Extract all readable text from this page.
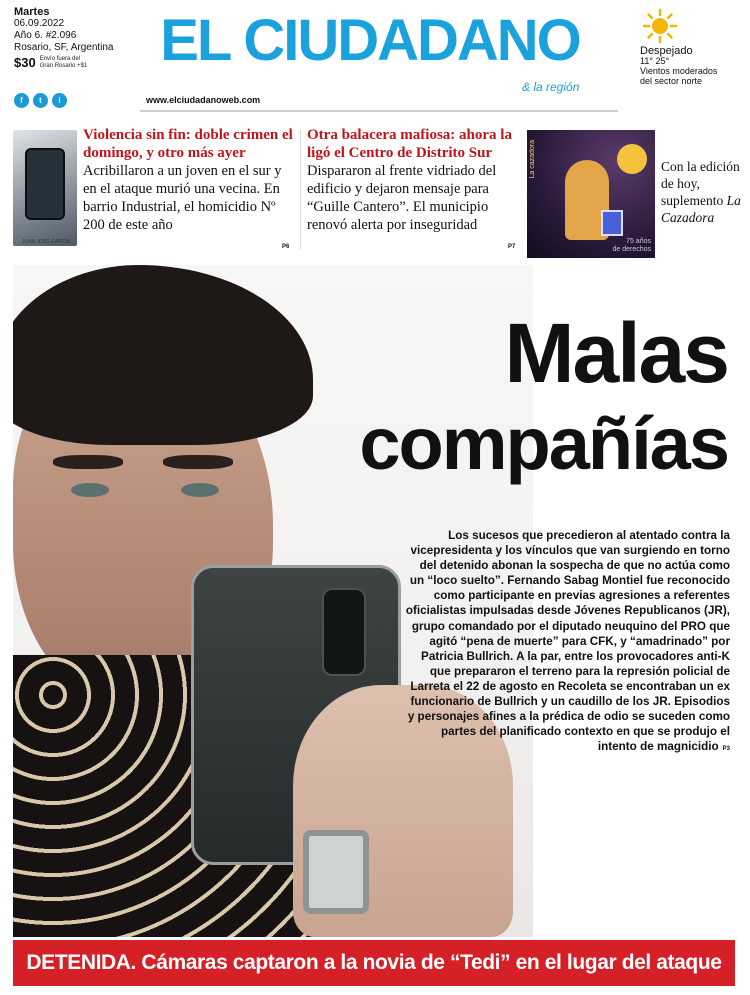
Martes
06.09.2022
Año 6. #2.096
Rosario, SF, Argentina
$30 Envío fuera del
Gran Rosario +$1
f	t	i
EL CIUDADANO
& la región
www.elciudadanoweb.com
Despejado
11° 25°
Vientos moderados
del sector norte
JUAN JOSÉ GARCÍA
Violencia sin fin: doble crimen el domingo, y otro más ayer
Acribillaron a un joven en el sur y en el ataque murió una vecina. En barrio Industrial, el homicidio Nº 200 de este año
P6
Otra balacera mafiosa: ahora la ligó el Centro de Distrito Sur
Dispararon al frente vidriado del edificio y dejaron mensaje para “Guille Cantero”. El municipio renovó alerta por inseguridad
P7
La cazadora
75 años
de derechos
Con la edición de hoy, suplemento La Cazadora
Malas
compañías
Los sucesos que precedieron al atentado contra la vicepresidenta y los vínculos que van surgiendo en torno del detenido abonan la sospecha de que no actúa como un “loco suelto”. Fernando Sabag Montiel fue reconocido como participante en previas agresiones a referentes oficialistas impulsadas desde Jóvenes Republicanos (JR), grupo comandado por el diputado neuquino del PRO que agitó “pena de muerte” para CFK, y “amadrinado” por Patricia Bullrich. A la par, entre los provocadores anti-K que prepararon el terreno para la represión policial de Larreta el 22 de agosto en Recoleta se encontraban un ex funcionario de Bullrich y un caudillo de los JR. Episodios y personajes afines a la prédica de odio se suceden como partes del planificado contexto en que se produjo el intento de magnicidio P3
DETENIDA. Cámaras captaron a la novia de “Tedi” en el lugar del ataque
